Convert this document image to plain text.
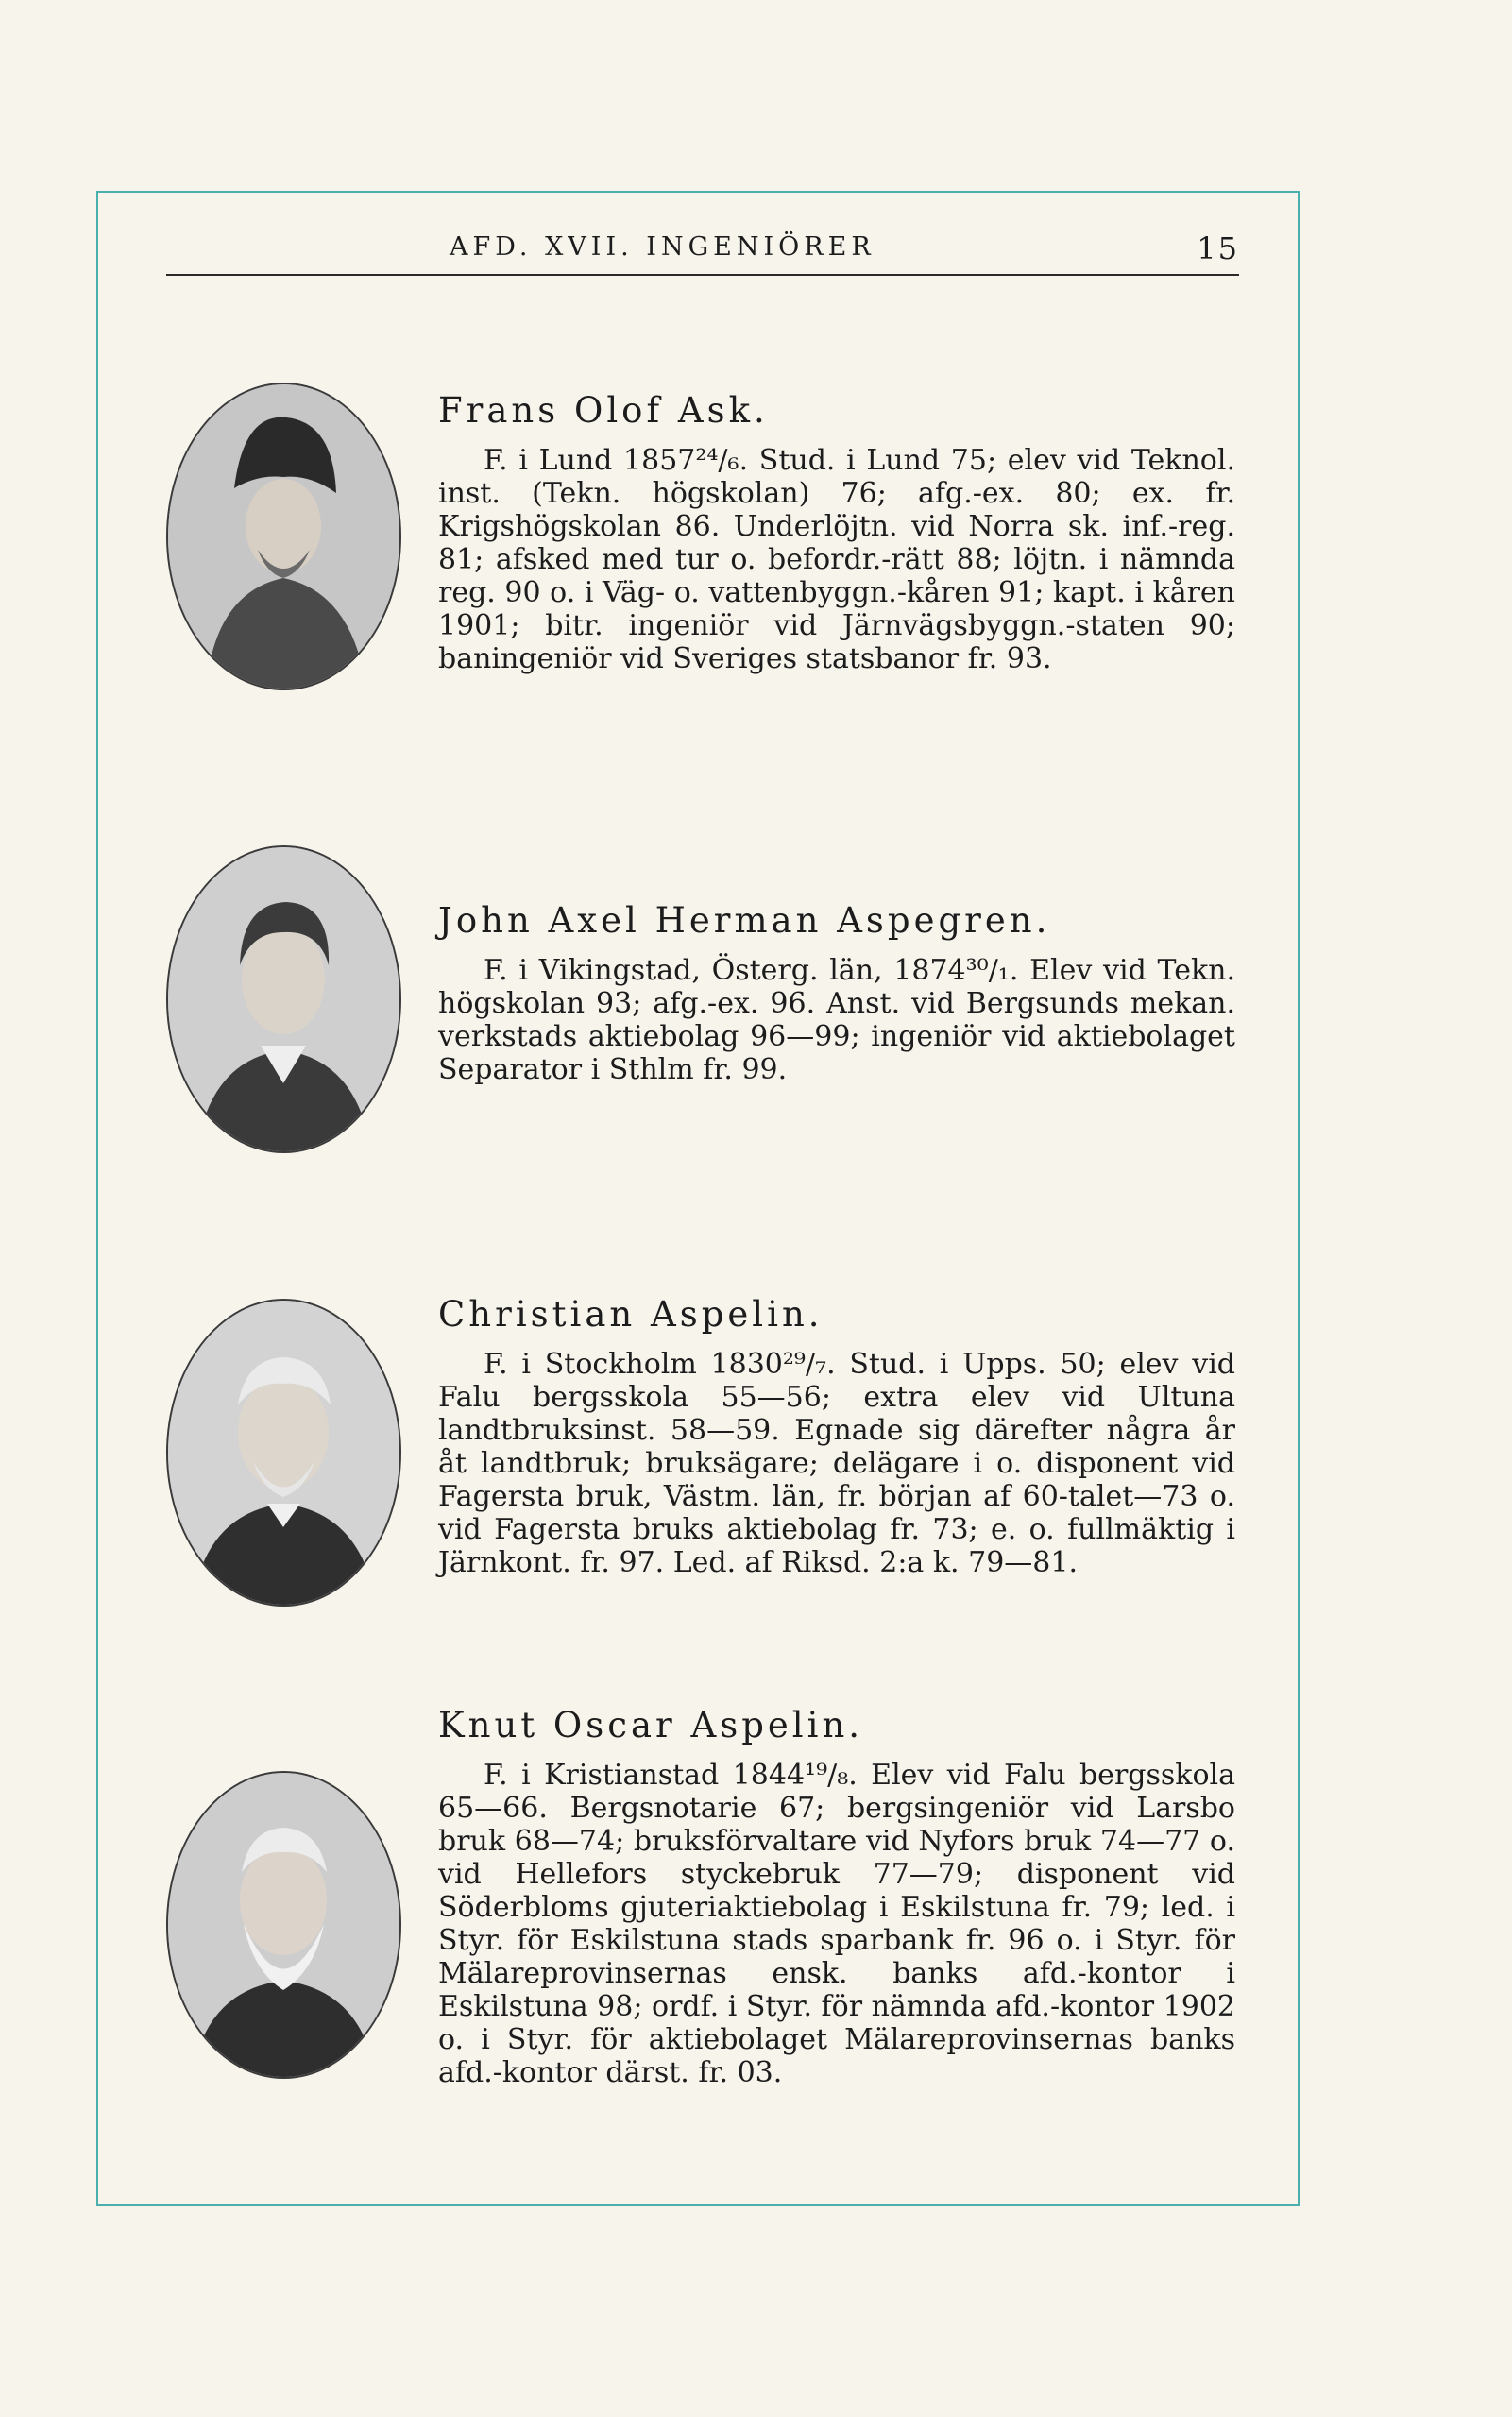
AFD. XVII. INGENIÖRER	15
Frans Olof Ask.

F. i Lund 1857²⁴/₆. Stud. i Lund 75; elev vid Teknol. inst. (Tekn. högskolan) 76; afg.-ex. 80; ex. fr. Krigshögskolan 86. Underlöjtn. vid Norra sk. inf.-reg. 81; afsked med tur o. befordr.-rätt 88; löjtn. i nämnda reg. 90 o. i Väg- o. vattenbyggn.-kåren 91; kapt. i kåren 1901; bitr. ingeniör vid Järnvägsbyggn.-staten 90; baningeniör vid Sveriges statsbanor fr. 93.

John Axel Herman Aspegren.

F. i Vikingstad, Österg. län, 1874³⁰/₁. Elev vid Tekn. högskolan 93; afg.-ex. 96. Anst. vid Bergsunds mekan. verkstads aktiebolag 96—99; ingeniör vid aktiebolaget Separator i Sthlm fr. 99.

Christian Aspelin.

F. i Stockholm 1830²⁹/₇. Stud. i Upps. 50; elev vid Falu bergsskola 55—56; extra elev vid Ultuna landtbruksinst. 58—59. Egnade sig därefter några år åt landtbruk; bruksägare; delägare i o. disponent vid Fagersta bruk, Västm. län, fr. början af 60-talet—73 o. vid Fagersta bruks aktiebolag fr. 73; e. o. fullmäktig i Järnkont. fr. 97. Led. af Riksd. 2:a k. 79—81.

Knut Oscar Aspelin.

F. i Kristianstad 1844¹⁹/₈. Elev vid Falu bergsskola 65—66. Bergsnotarie 67; bergsingeniör vid Larsbo bruk 68—74; bruksförvaltare vid Nyfors bruk 74—77 o. vid Hellefors styckebruk 77—79; disponent vid Söderbloms gjuteriaktiebolag i Eskilstuna fr. 79; led. i Styr. för Eskilstuna stads sparbank fr. 96 o. i Styr. för Mälareprovinsernas ensk. banks afd.-kontor i Eskilstuna 98; ordf. i Styr. för nämnda afd.-kontor 1902 o. i Styr. för aktiebolaget Mälareprovinsernas banks afd.-kontor därst. fr. 03.
